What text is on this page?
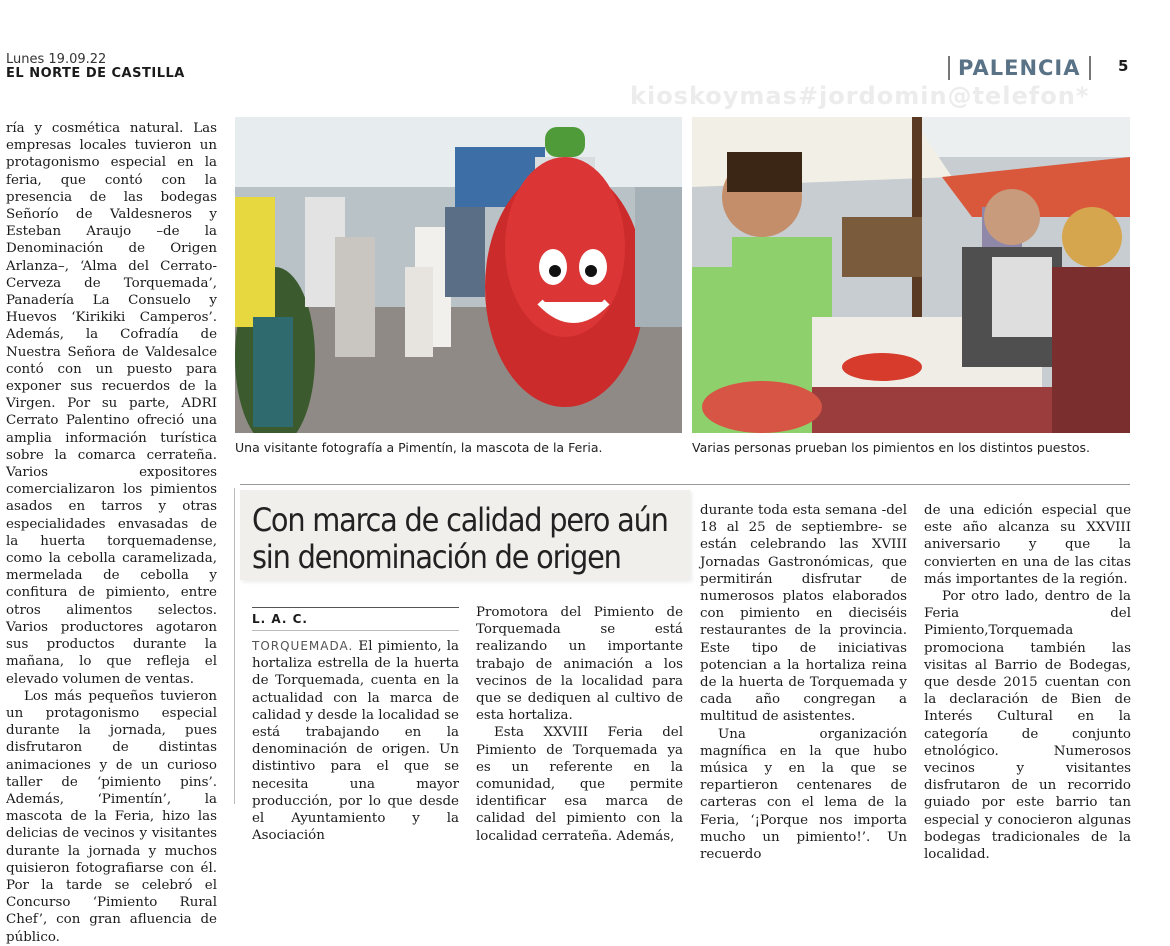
Lunes 19.09.22
EL NORTE DE CASTILLA
kioskoymas#jordomin@telefon*
PALENCIA	5

ría y cosmética natural. Las empresas locales tuvieron un protagonismo especial en la feria, que contó con la presencia de las bodegas Señorío de Valdesneros y Esteban Araujo –de la Denominación de Origen Arlanza–, ‘Alma del Cerrato-Cerveza de Torquemada’, Panadería La Consuelo y Huevos ‘Kirikiki Camperos’. Además, la Cofradía de Nuestra Señora de Valdesalce contó con un puesto para exponer sus recuerdos de la Virgen. Por su parte, ADRI Cerrato Palentino ofreció una amplia información turística sobre la comarca cerrateña. Varios expositores comercializaron los pimientos asados en tarros y otras especialidades envasadas de la huerta torquemadense, como la cebolla caramelizada, mermelada de cebolla y confitura de pimiento, entre otros alimentos selectos. Varios productores agotaron sus productos durante la mañana, lo que refleja el elevado volumen de ventas.

Los más pequeños tuvieron un protagonismo especial durante la jornada, pues disfrutaron de distintas animaciones y de un curioso taller de ‘pimiento pins’. Además, ‘Pimentín’, la mascota de la Feria, hizo las delicias de vecinos y visitantes durante la jornada y muchos quisieron fotografiarse con él. Por la tarde se celebró el Concurso ‘Pimiento Rural Chef’, con gran afluencia de público.

Una visitante fotografía a Pimentín, la mascota de la Feria.	Varias personas prueban los pimientos en los distintos puestos.
Con marca de calidad pero aún sin denominación de origen
L. A. C.

TORQUEMADA. El pimiento, la hortaliza estrella de la huerta de Torquemada, cuenta en la actualidad con la marca de calidad y desde la localidad se está trabajando en la denominación de origen. Un distintivo para el que se necesita una mayor producción, por lo que desde el Ayuntamiento y la Asociación

Promotora del Pimiento de Torquemada se está realizando un importante trabajo de animación a los vecinos de la localidad para que se dediquen al cultivo de esta hortaliza.

Esta XXVIII Feria del Pimiento de Torquemada ya es un referente en la comunidad, que permite identificar esa marca de calidad del pimiento con la localidad cerrateña. Además,

durante toda esta semana -del 18 al 25 de septiembre- se están celebrando las XVIII Jornadas Gastronómicas, que permitirán disfrutar de numerosos platos elaborados con pimiento en dieciséis restaurantes de la provincia. Este tipo de iniciativas potencian a la hortaliza reina de la huerta de Torquemada y cada año congregan a multitud de asistentes.

Una organización magnífica en la que hubo música y en la que se repartieron centenares de carteras con el lema de la Feria, ‘¡Porque nos importa mucho un pimiento!’. Un recuerdo

de una edición especial que este año alcanza su XXVIII aniversario y que la convierten en una de las citas más importantes de la región.

Por otro lado, dentro de la Feria del Pimiento,Torquemada promociona también las visitas al Barrio de Bodegas, que desde 2015 cuentan con la declaración de Bien de Interés Cultural en la categoría de conjunto etnológico. Numerosos vecinos y visitantes disfrutaron de un recorrido guiado por este barrio tan especial y conocieron algunas bodegas tradicionales de la localidad.
